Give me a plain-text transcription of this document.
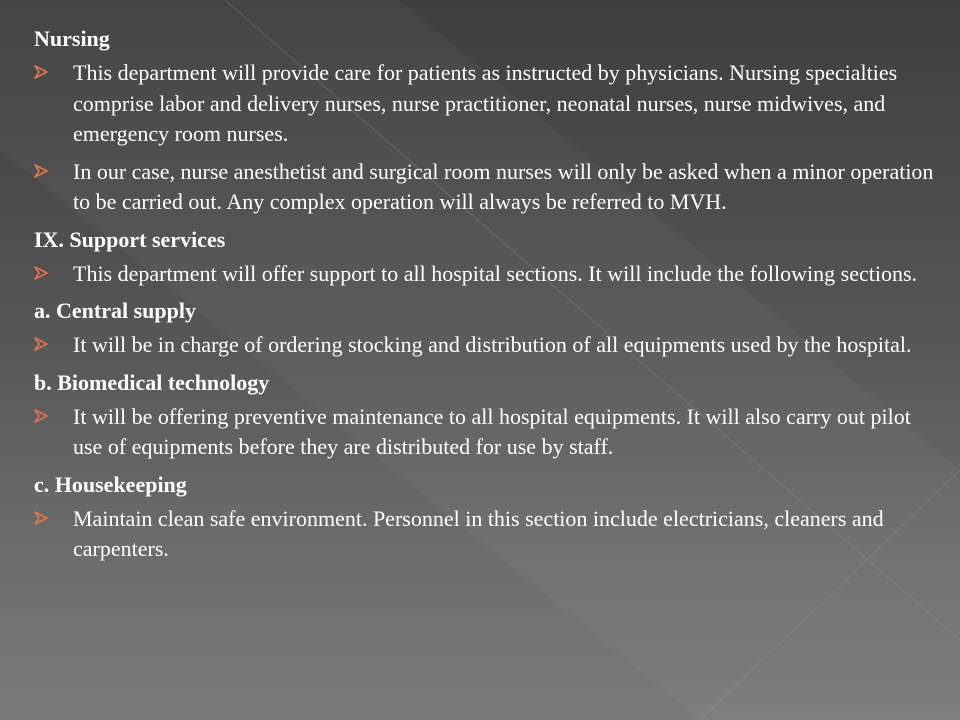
Nursing
This department will provide care for patients as instructed by physicians. Nursing specialties comprise labor and delivery nurses, nurse practitioner, neonatal nurses, nurse midwives, and emergency room nurses.
In our case, nurse anesthetist and surgical room nurses will only be asked when a minor operation to be carried out. Any complex operation will always be referred to MVH.
IX. Support services
This department will offer support to all hospital sections. It will include the following sections.
a. Central supply
It will be in charge of ordering stocking and distribution of all equipments used by the hospital.
b. Biomedical technology
It will be offering preventive maintenance to all hospital equipments. It will also carry out pilot use of equipments before they are distributed for use by staff.
c. Housekeeping
Maintain clean safe environment. Personnel in this section include electricians, cleaners and carpenters.
